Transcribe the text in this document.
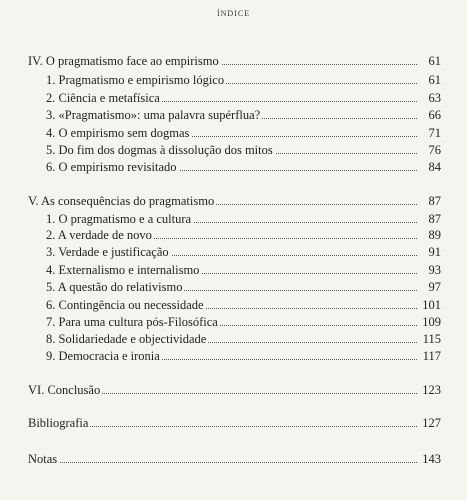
ÍNDICE
IV. O pragmatismo face ao empirismo	61
1. Pragmatismo e empirismo lógico	61
2. Ciência e metafísica	63
3. «Pragmatismo»: uma palavra supérflua?	66
4. O empirismo sem dogmas	71
5. Do fim dos dogmas à dissolução dos mitos	76
6. O empirismo revisitado	84
V. As consequências do pragmatismo	87
1. O pragmatismo e a cultura	87
2. A verdade de novo	89
3. Verdade e justificação	91
4. Externalismo e internalismo	93
5. A questão do relativismo	97
6. Contingência ou necessidade	101
7. Para uma cultura pós-Filosófica	109
8. Solidariedade e objectividade	115
9. Democracia e ironia	117
VI. Conclusão	123
Bibliografia	127
Notas	143
